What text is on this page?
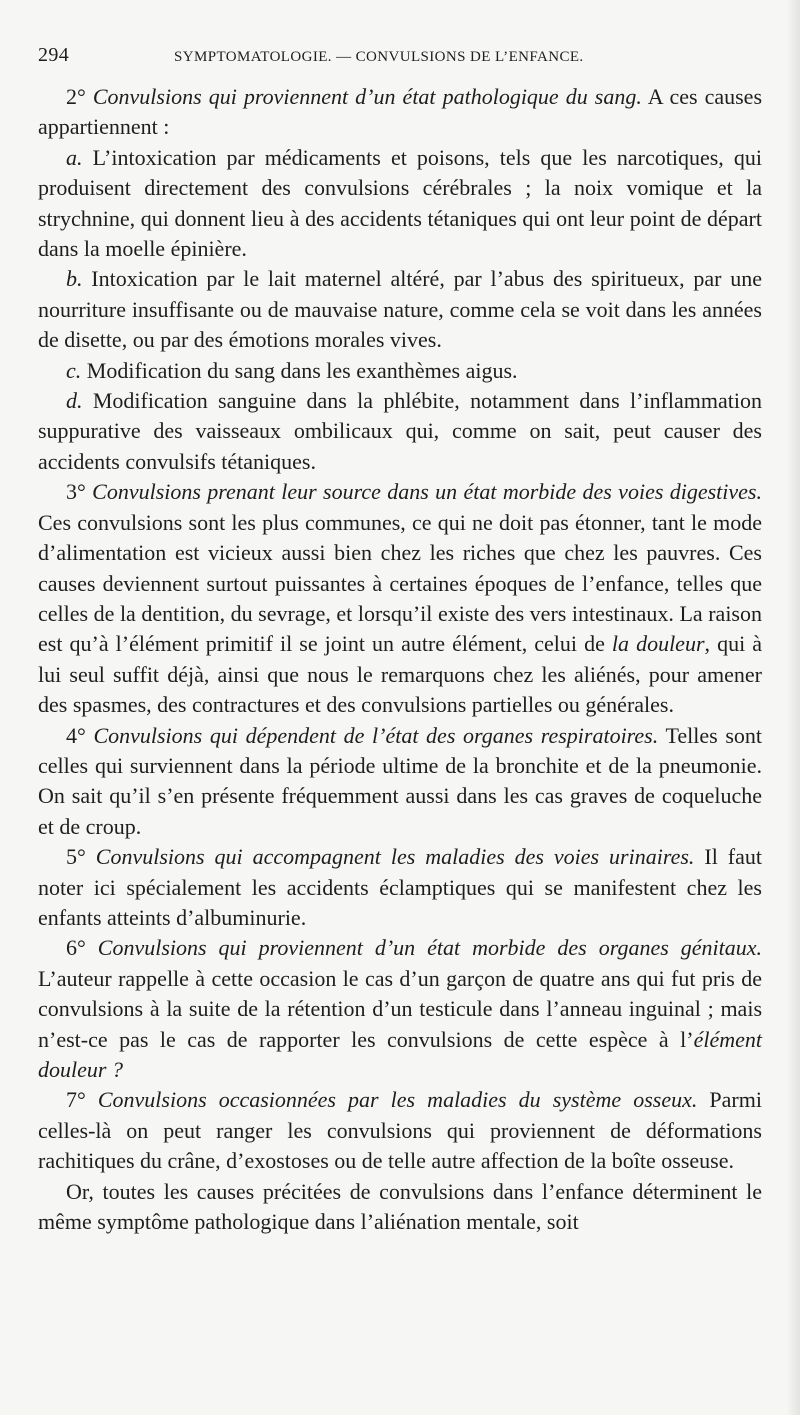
294	SYMPTOMATOLOGIE. — CONVULSIONS DE L’ENFANCE.

2° Convulsions qui proviennent d’un état pathologique du sang. A ces causes appartiennent :

a. L’intoxication par médicaments et poisons, tels que les narcotiques, qui produisent directement des convulsions cérébrales ; la noix vomique et la strychnine, qui donnent lieu à des accidents tétaniques qui ont leur point de départ dans la moelle épinière.

b. Intoxication par le lait maternel altéré, par l’abus des spiritueux, par une nourriture insuffisante ou de mauvaise nature, comme cela se voit dans les années de disette, ou par des émotions morales vives.

c. Modification du sang dans les exanthèmes aigus.

d. Modification sanguine dans la phlébite, notamment dans l’inflammation suppurative des vaisseaux ombilicaux qui, comme on sait, peut causer des accidents convulsifs tétaniques.

3° Convulsions prenant leur source dans un état morbide des voies digestives. Ces convulsions sont les plus communes, ce qui ne doit pas étonner, tant le mode d’alimentation est vicieux aussi bien chez les riches que chez les pauvres. Ces causes deviennent surtout puissantes à certaines époques de l’enfance, telles que celles de la dentition, du sevrage, et lorsqu’il existe des vers intestinaux. La raison est qu’à l’élément primitif il se joint un autre élément, celui de la douleur, qui à lui seul suffit déjà, ainsi que nous le remarquons chez les aliénés, pour amener des spasmes, des contractures et des convulsions partielles ou générales.

4° Convulsions qui dépendent de l’état des organes respiratoires. Telles sont celles qui surviennent dans la période ultime de la bronchite et de la pneumonie. On sait qu’il s’en présente fréquemment aussi dans les cas graves de coqueluche et de croup.

5° Convulsions qui accompagnent les maladies des voies urinaires. Il faut noter ici spécialement les accidents éclamptiques qui se manifestent chez les enfants atteints d’albuminurie.

6° Convulsions qui proviennent d’un état morbide des organes génitaux. L’auteur rappelle à cette occasion le cas d’un garçon de quatre ans qui fut pris de convulsions à la suite de la rétention d’un testicule dans l’anneau inguinal ; mais n’est-ce pas le cas de rapporter les convulsions de cette espèce à l’élément douleur ?

7° Convulsions occasionnées par les maladies du système osseux. Parmi celles-là on peut ranger les convulsions qui proviennent de déformations rachitiques du crâne, d’exostoses ou de telle autre affection de la boîte osseuse.

Or, toutes les causes précitées de convulsions dans l’enfance déterminent le même symptôme pathologique dans l’aliénation mentale, soit
